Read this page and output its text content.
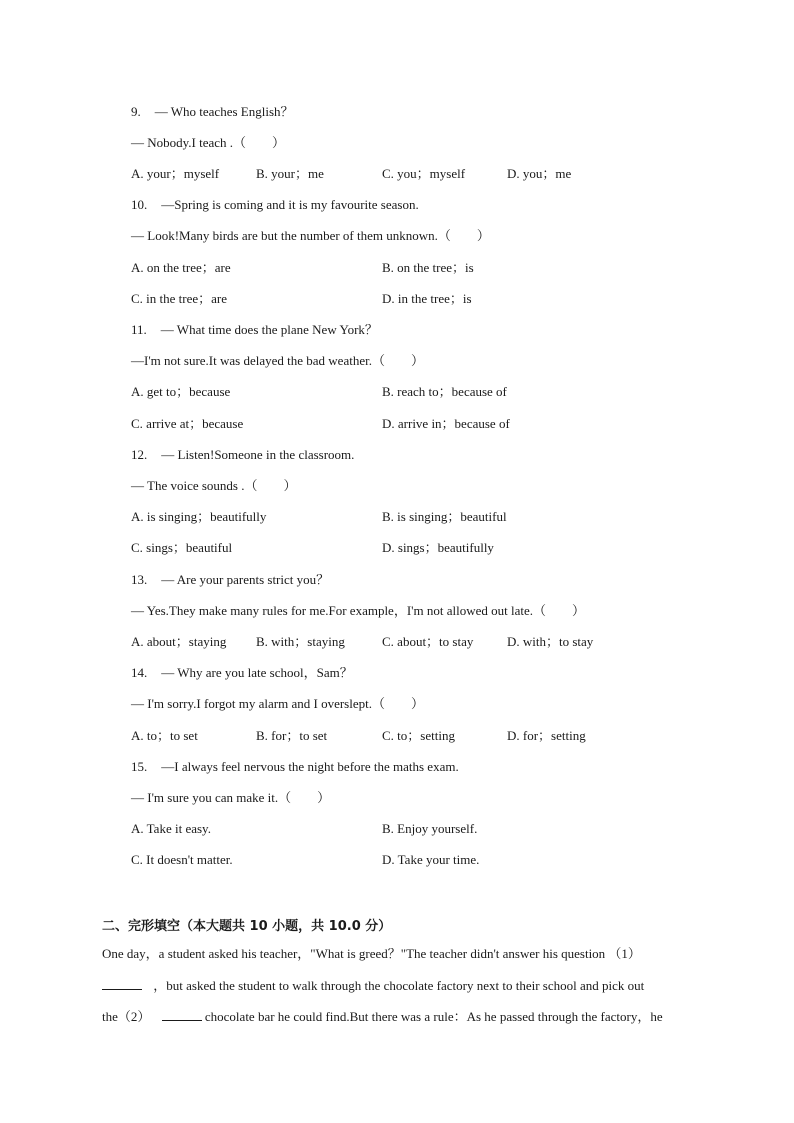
9. — Who teaches English？
— Nobody.I teach .（　　）
A. your；myself	B. your；me	C. you；myself	D. you；me
10. —Spring is coming and it is my favourite season.
— Look!Many birds are but the number of them unknown.（　　）
A. on the tree；are	B. on the tree；is
C. in the tree；are	D. in the tree；is
11. — What time does the plane New York？
—I'm not sure.It was delayed the bad weather.（　　）
A. get to；because	B. reach to；because of
C. arrive at；because	D. arrive in；because of
12. — Listen!Someone in the classroom.
— The voice sounds .（　　）
A. is singing；beautifully	B. is singing；beautiful
C. sings；beautiful	D. sings；beautifully
13. — Are your parents strict you？
— Yes.They make many rules for me.For example，I'm not allowed out late.（　　）
A. about；staying B. with；staying	C. about；to stay	D. with；to stay
14. — Why are you late school，Sam？
— I'm sorry.I forgot my alarm and I overslept.（　　）
A. to；to set	B. for；to set	C. to；setting	D. for；setting
15. —I always feel nervous the night before the maths exam.
— I'm sure you can make it.（　　）
A. Take it easy.	B. Enjoy yourself.
C. It doesn't matter.	D. Take your time.
二、完形填空（本大题共 10 小题，共 10.0 分）
One day，a student asked his teacher，"What is greed？"The teacher didn't answer his question （1）
，but asked the student to walk through the chocolate factory next to their school and pick out
the（2）	chocolate bar he could find.But there was a rule：As he passed through the factory，he
